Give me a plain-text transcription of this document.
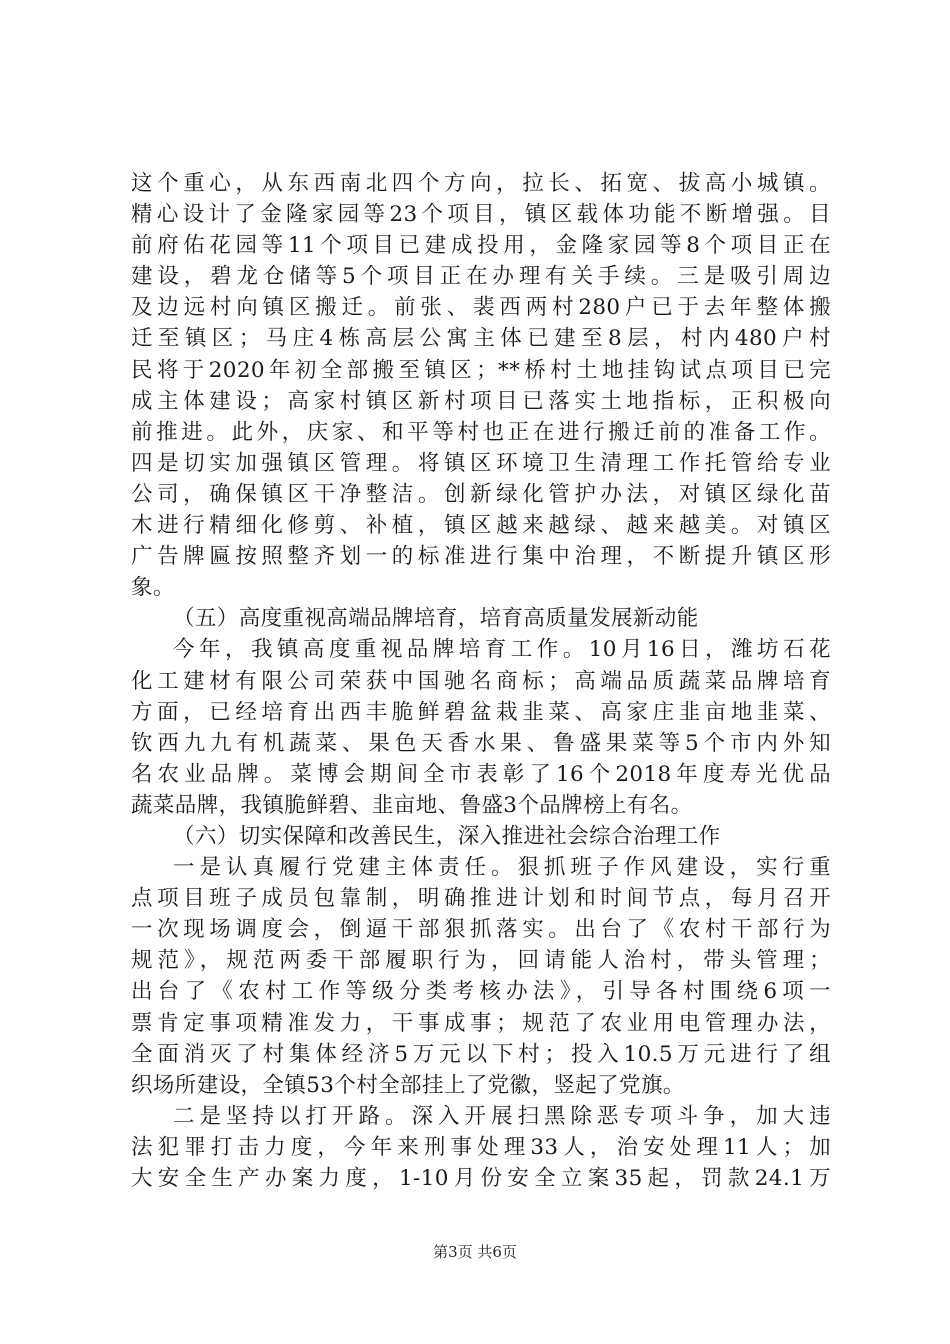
这个重心，从东西南北四个方向，拉长、拓宽、拔高小城镇。
精心设计了金隆家园等23个项目，镇区载体功能不断增强。目
前府佑花园等11个项目已建成投用，金隆家园等8个项目正在
建设，碧龙仓储等5个项目正在办理有关手续。三是吸引周边
及边远村向镇区搬迁。前张、裴西两村280户已于去年整体搬
迁至镇区；马庄4栋高层公寓主体已建至8层，村内480户村
民将于2020年初全部搬至镇区；**桥村土地挂钩试点项目已完
成主体建设；高家村镇区新村项目已落实土地指标，正积极向
前推进。此外，庆家、和平等村也正在进行搬迁前的准备工作。
四是切实加强镇区管理。将镇区环境卫生清理工作托管给专业
公司，确保镇区干净整洁。创新绿化管护办法，对镇区绿化苗
木进行精细化修剪、补植，镇区越来越绿、越来越美。对镇区
广告牌匾按照整齐划一的标准进行集中治理，不断提升镇区形
象。
（五）高度重视高端品牌培育，培育高质量发展新动能
今年，我镇高度重视品牌培育工作。10月16日，潍坊石花
化工建材有限公司荣获中国驰名商标；高端品质蔬菜品牌培育
方面，已经培育出西丰脆鲜碧盆栽韭菜、高家庄韭亩地韭菜、
钦西九九有机蔬菜、果色天香水果、鲁盛果菜等5个市内外知
名农业品牌。菜博会期间全市表彰了16个2018年度寿光优品
蔬菜品牌，我镇脆鲜碧、韭亩地、鲁盛3个品牌榜上有名。
（六）切实保障和改善民生，深入推进社会综合治理工作
一是认真履行党建主体责任。狠抓班子作风建设，实行重
点项目班子成员包靠制，明确推进计划和时间节点，每月召开
一次现场调度会，倒逼干部狠抓落实。出台了《农村干部行为
规范》，规范两委干部履职行为，回请能人治村，带头管理；
出台了《农村工作等级分类考核办法》，引导各村围绕6项一
票肯定事项精准发力，干事成事；规范了农业用电管理办法，
全面消灭了村集体经济5万元以下村；投入10.5万元进行了组
织场所建设，全镇53个村全部挂上了党徽，竖起了党旗。
二是坚持以打开路。深入开展扫黑除恶专项斗争，加大违
法犯罪打击力度，今年来刑事处理33人，治安处理11人；加
大安全生产办案力度，1-10月份安全立案35起，罚款24.1万
第3页 共6页
